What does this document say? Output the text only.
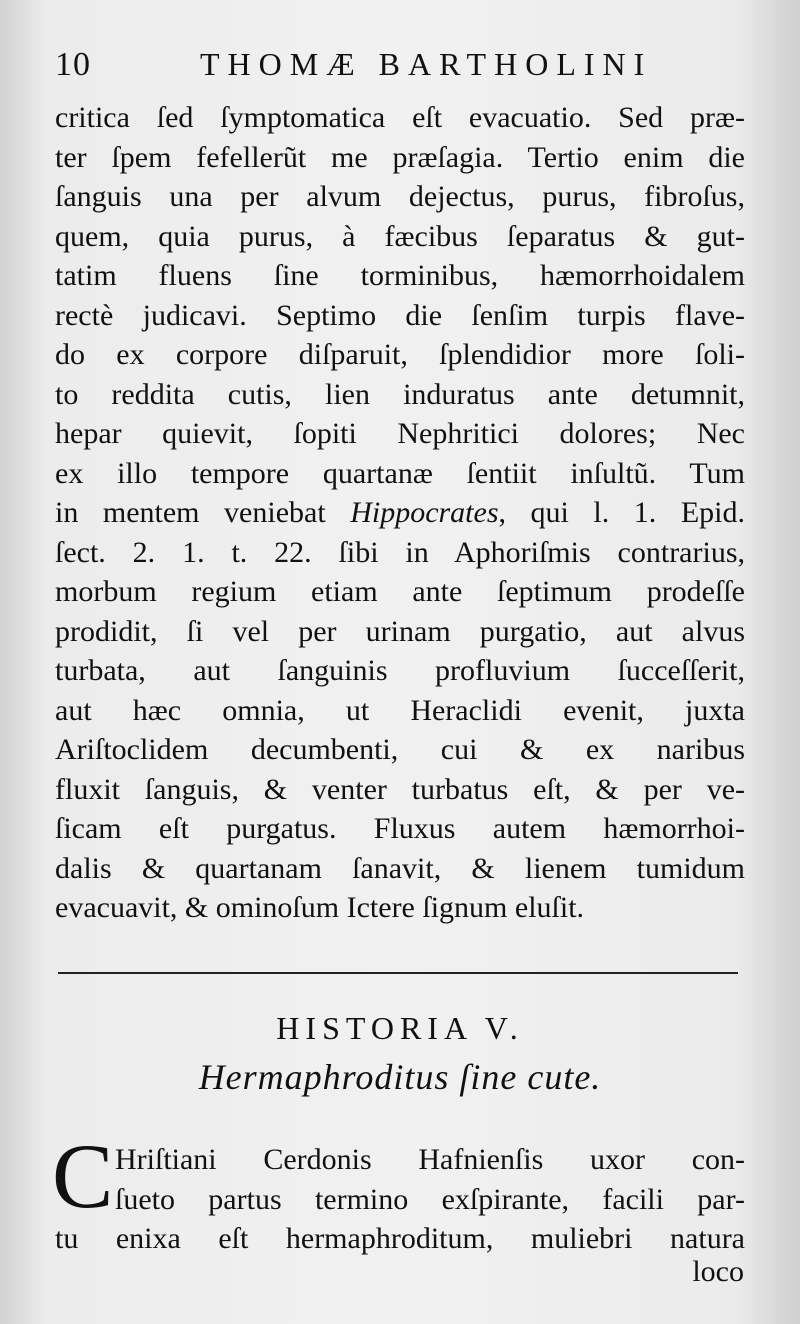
10	THOMÆ BARTHOLINI
critica ſed ſymptomatica eſt evacuatio. Sed præ-
ter ſpem fefellerũt me præſagia. Tertio enim die
ſanguis una per alvum dejectus, purus, fibroſus,
quem, quia purus, à fæcibus ſeparatus & gut-
tatim fluens ſine torminibus, hæmorrhoidalem
rectè judicavi. Septimo die ſenſim turpis flave-
do ex corpore diſparuit, ſplendidior more ſoli-
to reddita cutis, lien induratus ante detumnit,
hepar quievit, ſopiti Nephritici dolores; Nec
ex illo tempore quartanæ ſentiit inſultũ. Tum
in mentem veniebat Hippocrates, qui l. 1. Epid.
ſect. 2. 1. t. 22. ſibi in Aphoriſmis contrarius,
morbum regium etiam ante ſeptimum prodeſſe
prodidit, ſi vel per urinam purgatio, aut alvus
turbata, aut ſanguinis profluvium ſucceſſerit,
aut hæc omnia, ut Heraclidi evenit, juxta
Ariſtoclidem decumbenti, cui & ex naribus
fluxit ſanguis, & venter turbatus eſt, & per ve-
ſicam eſt purgatus. Fluxus autem hæmorrhoi-
dalis & quartanam ſanavit, & lienem tumidum
evacuavit, & ominoſum Ictere ſignum eluſit.
HISTORIA V.
Hermaphroditus ſine cute.
C Hriſtiani Cerdonis Hafnienſis uxor con-
ſueto partus termino exſpirante, facili par-
tu enixa eſt hermaphroditum, muliebri natura
loco
